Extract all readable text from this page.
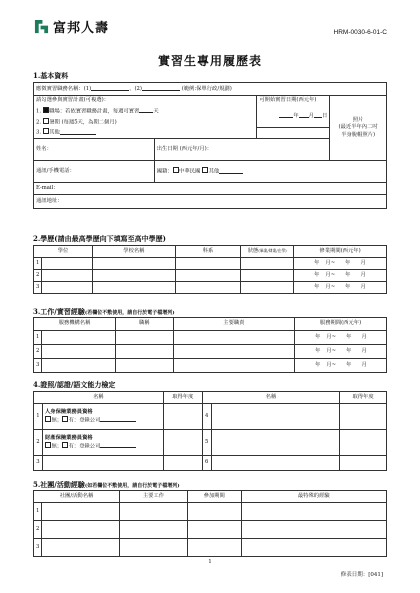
富邦人壽	HRM-0030-6-01-C
實習生專用履歷表
1.基本資料
應徵實習職務名稱：(1) 、(2) (範例:保單行政/規劃)			
請勾選參與實習計畫(可複選)：		可開始實習日期(西元年)	照片
(最近半年內二吋
半身脫帽照片)

1. 職場：若依實習職務計畫，每週可實習 天		年 月 日	
2. 暑期 (每週5天，為期二個月)			
3. 其他			
姓名：	出生日期 (西元年/月)：		
通訊/手機電話：	國籍： 中華民國 其他		
E-mail：			
通訊地址：			
2.學歷(請由最高學歷向下填寫至高中學歷)
學位		學校名稱	科系	狀態(畢業/肄業/在學)	修業期間(西元年)
1					年 月~ 年 月
2					年 月~ 年 月
3					年 月~ 年 月
3.工作/實習經驗(若欄位不敷使用，請自行於電子檔增列)
服務機構名稱		職稱	主要職責	服務期間(西元年)
1				年 月~ 年 月
2				年 月~ 年 月
3				年 月~ 年 月
4.證照/認證/語文能力檢定
名稱		取得年度	名稱		取得年度
1	人身保險業務員資格
無； 有：登錄公司		4		
2	財產保險業務員資格
無； 有：登錄公司		5		
3			6		
5.社團/活動經驗(如若欄位不敷使用，請自行於電子檔增列)
社團/活動名稱		主要工作	參加期間	最特殊的經驗
1				
2				
3				
1
修表日期：[041]
